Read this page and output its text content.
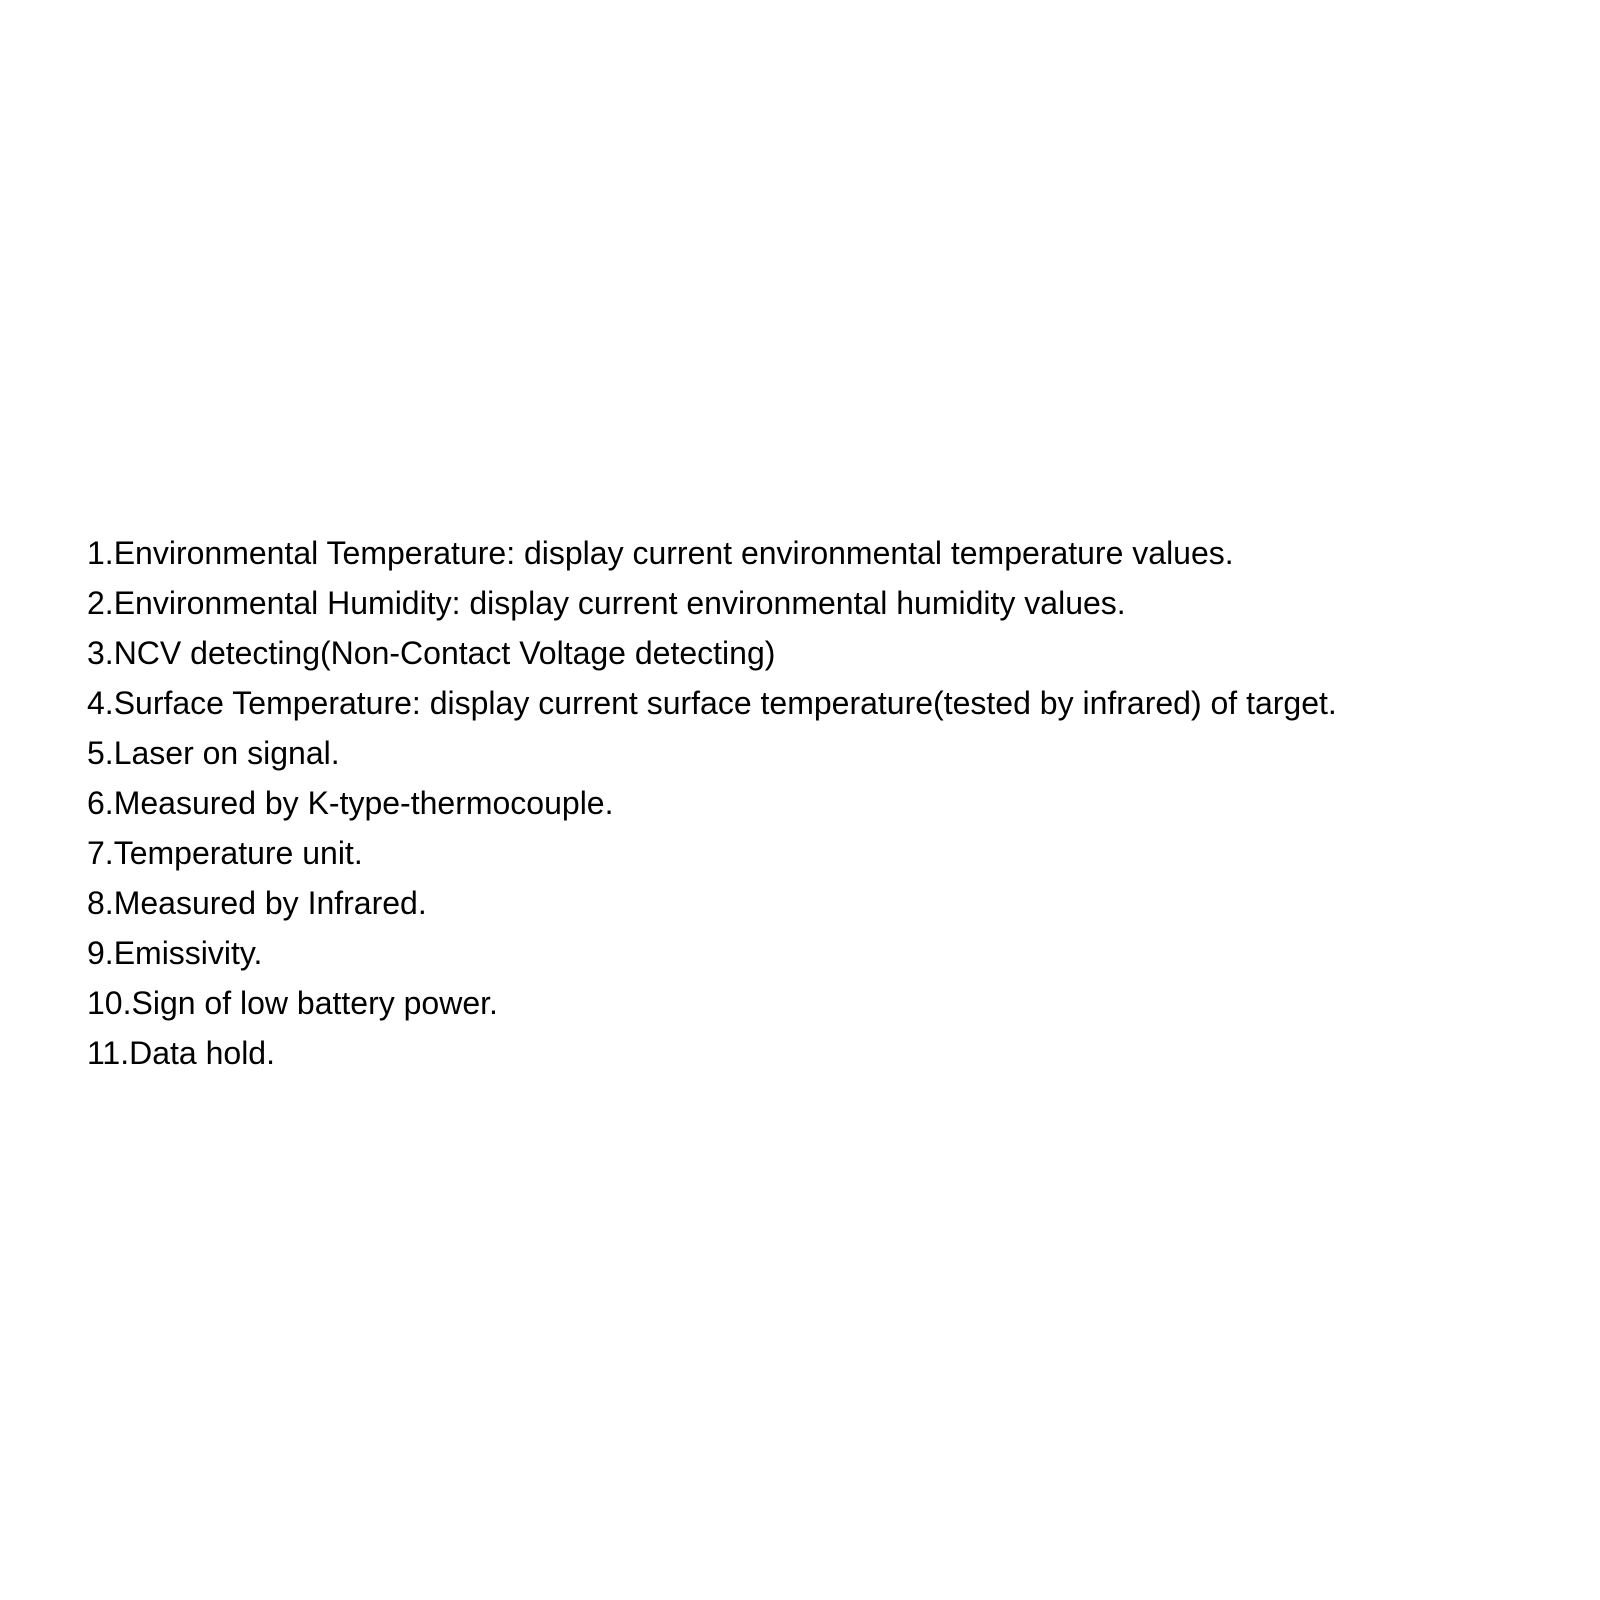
1.Environmental Temperature: display current environmental temperature values.
2.Environmental Humidity: display current environmental humidity values.
3.NCV detecting(Non-Contact Voltage detecting)
4.Surface Temperature: display current surface temperature(tested by infrared) of target.
5.Laser on signal.
6.Measured by K-type-thermocouple.
7.Temperature unit.
8.Measured by Infrared.
9.Emissivity.
10.Sign of low battery power.
11.Data hold.
